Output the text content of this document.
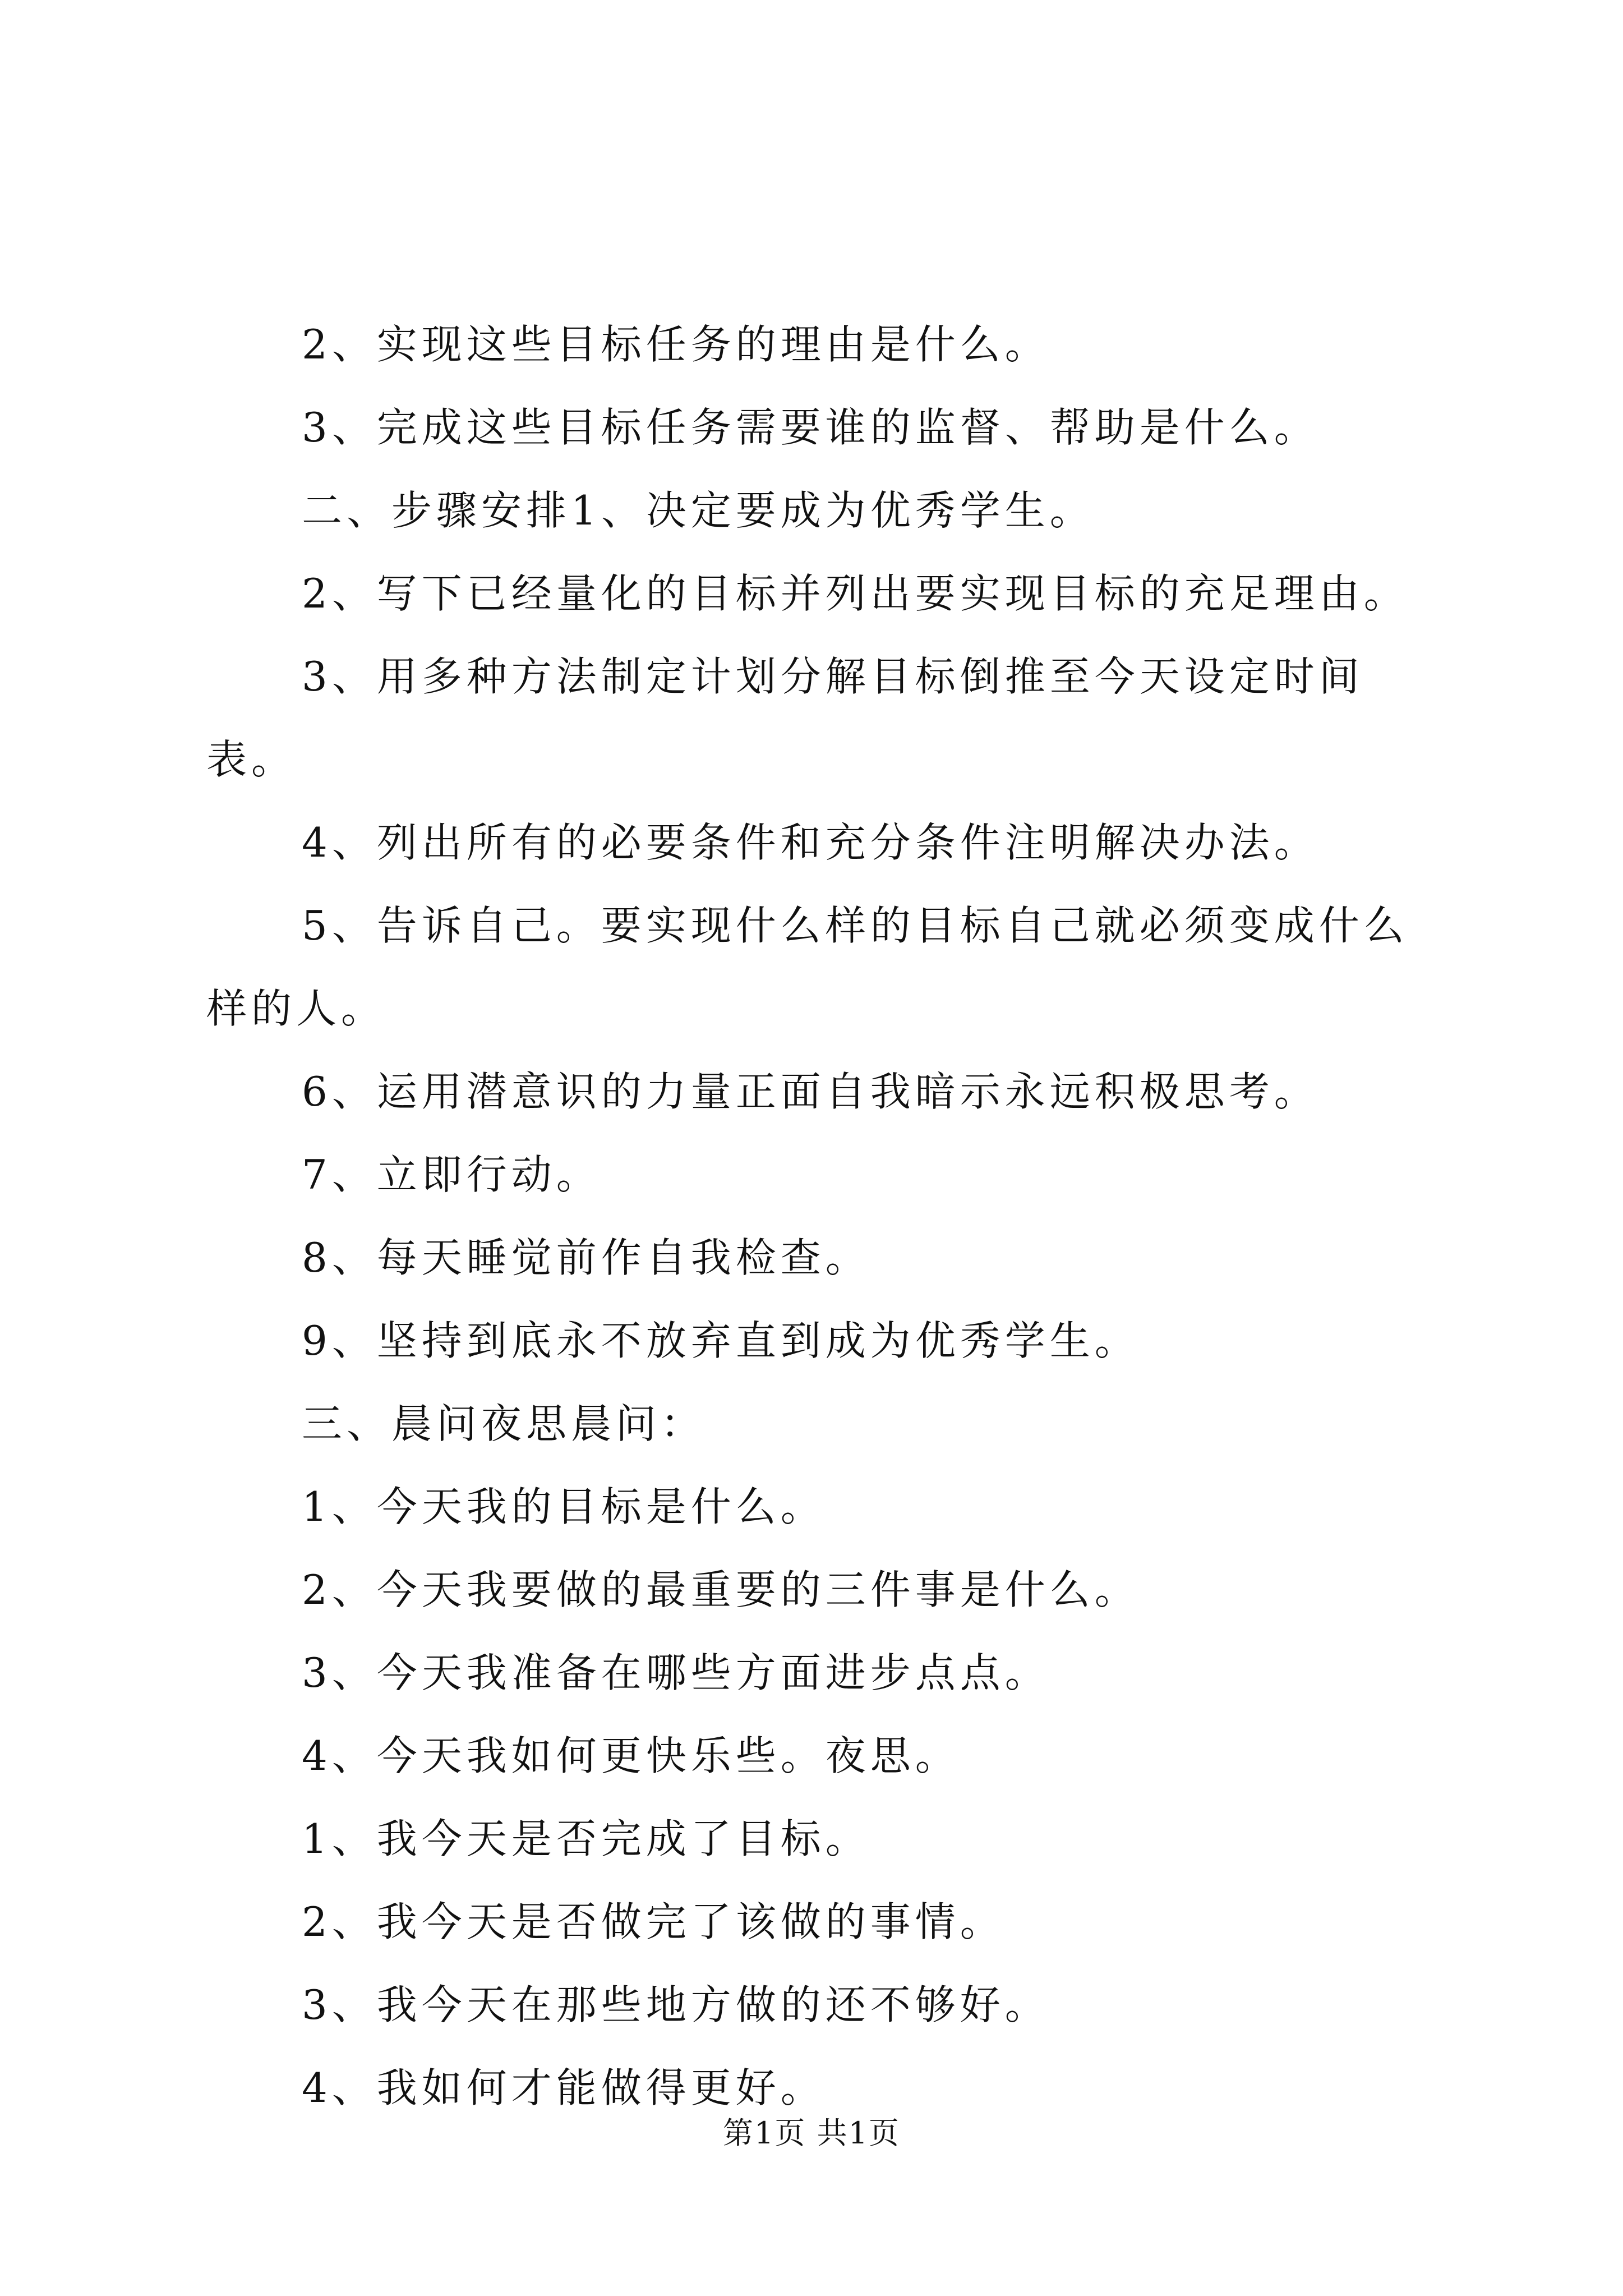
2、实现这些目标任务的理由是什么。

3、完成这些目标任务需要谁的监督、帮助是什么。

二、步骤安排1、决定要成为优秀学生。

2、写下已经量化的目标并列出要实现目标的充足理由。

3、用多种方法制定计划分解目标倒推至今天设定时间表。

4、列出所有的必要条件和充分条件注明解决办法。

5、告诉自己。要实现什么样的目标自己就必须变成什么样的人。

6、运用潜意识的力量正面自我暗示永远积极思考。

7、立即行动。

8、每天睡觉前作自我检查。

9、坚持到底永不放弃直到成为优秀学生。

三、晨问夜思晨问：

1、今天我的目标是什么。

2、今天我要做的最重要的三件事是什么。

3、今天我准备在哪些方面进步点点。

4、今天我如何更快乐些。夜思。

1、我今天是否完成了目标。

2、我今天是否做完了该做的事情。

3、我今天在那些地方做的还不够好。

4、我如何才能做得更好。

第1页 共1页
